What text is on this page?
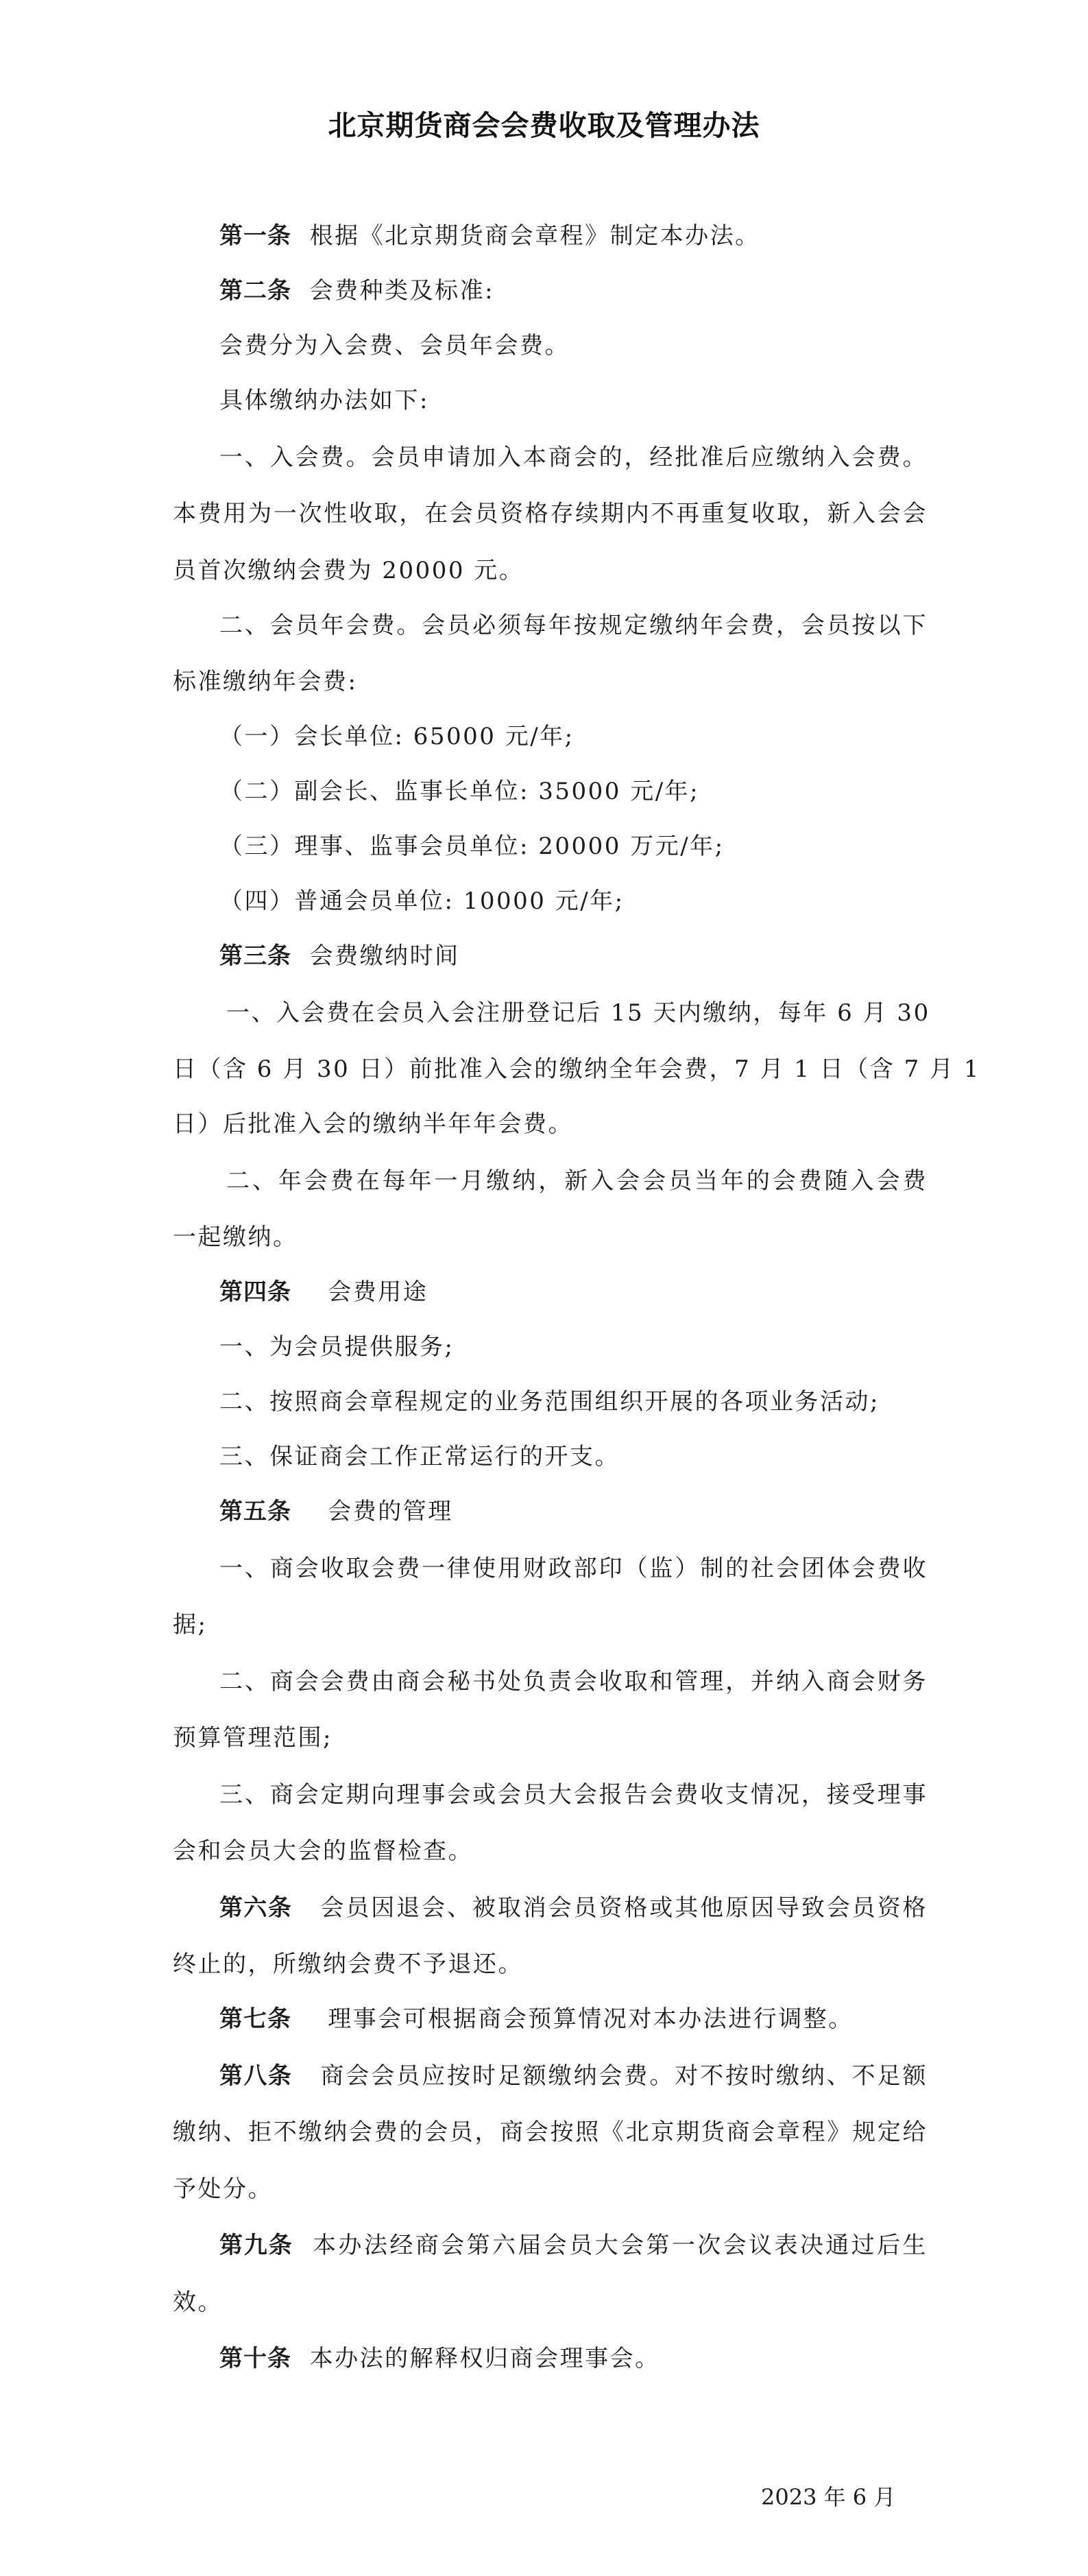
北京期货商会会费收取及管理办法
第一条 根据《北京期货商会章程》制定本办法。
第二条 会费种类及标准:
会费分为入会费、会员年会费。
具体缴纳办法如下:
一、入会费。会员申请加入本商会的，经批准后应缴纳入会费。
本费用为一次性收取，在会员资格存续期内不再重复收取，新入会会
员首次缴纳会费为 20000 元。
二、会员年会费。会员必须每年按规定缴纳年会费，会员按以下
标准缴纳年会费:
（一）会长单位: 65000 元/年;
（二）副会长、监事长单位: 35000 元/年;
（三）理事、监事会员单位: 20000 万元/年;
（四）普通会员单位: 10000 元/年;
第三条 会费缴纳时间
一、入会费在会员入会注册登记后 15 天内缴纳，每年 6 月 30
日（含 6 月 30 日）前批准入会的缴纳全年会费，7 月 1 日（含 7 月 1
日）后批准入会的缴纳半年年会费。
二、年会费在每年一月缴纳，新入会会员当年的会费随入会费
一起缴纳。
第四条 会费用途
一、为会员提供服务;
二、按照商会章程规定的业务范围组织开展的各项业务活动;
三、保证商会工作正常运行的开支。
第五条 会费的管理
一、商会收取会费一律使用财政部印（监）制的社会团体会费收
据;
二、商会会费由商会秘书处负责会收取和管理，并纳入商会财务
预算管理范围;
三、商会定期向理事会或会员大会报告会费收支情况，接受理事
会和会员大会的监督检查。
第六条 会员因退会、被取消会员资格或其他原因导致会员资格
终止的，所缴纳会费不予退还。
第七条 理事会可根据商会预算情况对本办法进行调整。
第八条 商会会员应按时足额缴纳会费。对不按时缴纳、不足额
缴纳、拒不缴纳会费的会员，商会按照《北京期货商会章程》规定给
予处分。
第九条 本办法经商会第六届会员大会第一次会议表决通过后生
效。
第十条 本办法的解释权归商会理事会。
2023 年 6 月
